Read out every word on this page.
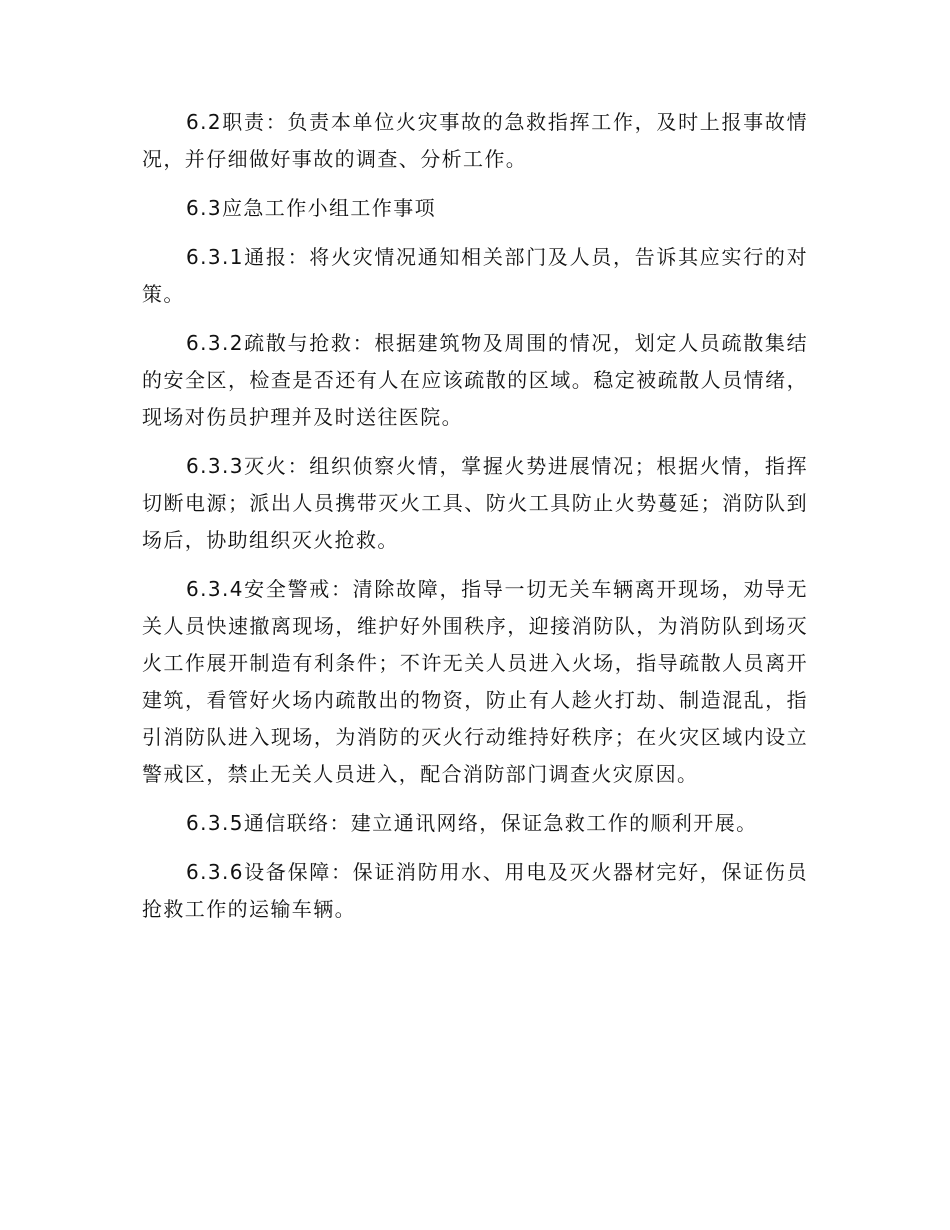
6.2职责：负责本单位火灾事故的急救指挥工作，及时上报事故情况，并仔细做好事故的调查、分析工作。

6.3应急工作小组工作事项

6.3.1通报：将火灾情况通知相关部门及人员，告诉其应实行的对策。

6.3.2疏散与抢救：根据建筑物及周围的情况，划定人员疏散集结的安全区，检查是否还有人在应该疏散的区域。稳定被疏散人员情绪，现场对伤员护理并及时送往医院。

6.3.3灭火：组织侦察火情，掌握火势进展情况；根据火情，指挥切断电源；派出人员携带灭火工具、防火工具防止火势蔓延；消防队到场后，协助组织灭火抢救。

6.3.4安全警戒：清除故障，指导一切无关车辆离开现场，劝导无关人员快速撤离现场，维护好外围秩序，迎接消防队，为消防队到场灭火工作展开制造有利条件；不许无关人员进入火场，指导疏散人员离开建筑，看管好火场内疏散出的物资，防止有人趁火打劫、制造混乱，指引消防队进入现场，为消防的灭火行动维持好秩序；在火灾区域内设立警戒区，禁止无关人员进入，配合消防部门调查火灾原因。

6.3.5通信联络：建立通讯网络，保证急救工作的顺利开展。

6.3.6设备保障：保证消防用水、用电及灭火器材完好，保证伤员抢救工作的运输车辆。
